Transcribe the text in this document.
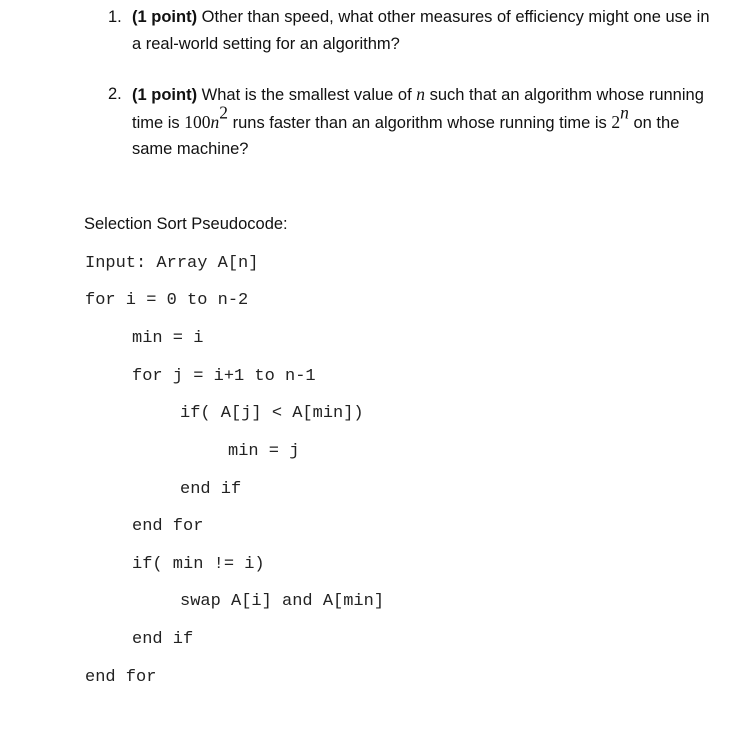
1. (1 point) Other than speed, what other measures of efficiency might one use in a real-world setting for an algorithm?
2. (1 point) What is the smallest value of n such that an algorithm whose running time is $100n^2$ runs faster than an algorithm whose running time is 2$^n$ on the same machine?
Selection Sort Pseudocode:
Input: Array A[n]
for i = 0 to n-2
min = i
for j = i+1 to n-1
if( A[j] < A[min])
min = j
end if
end for
if( min != i)
swap A[i] and A[min]
end if
end for
